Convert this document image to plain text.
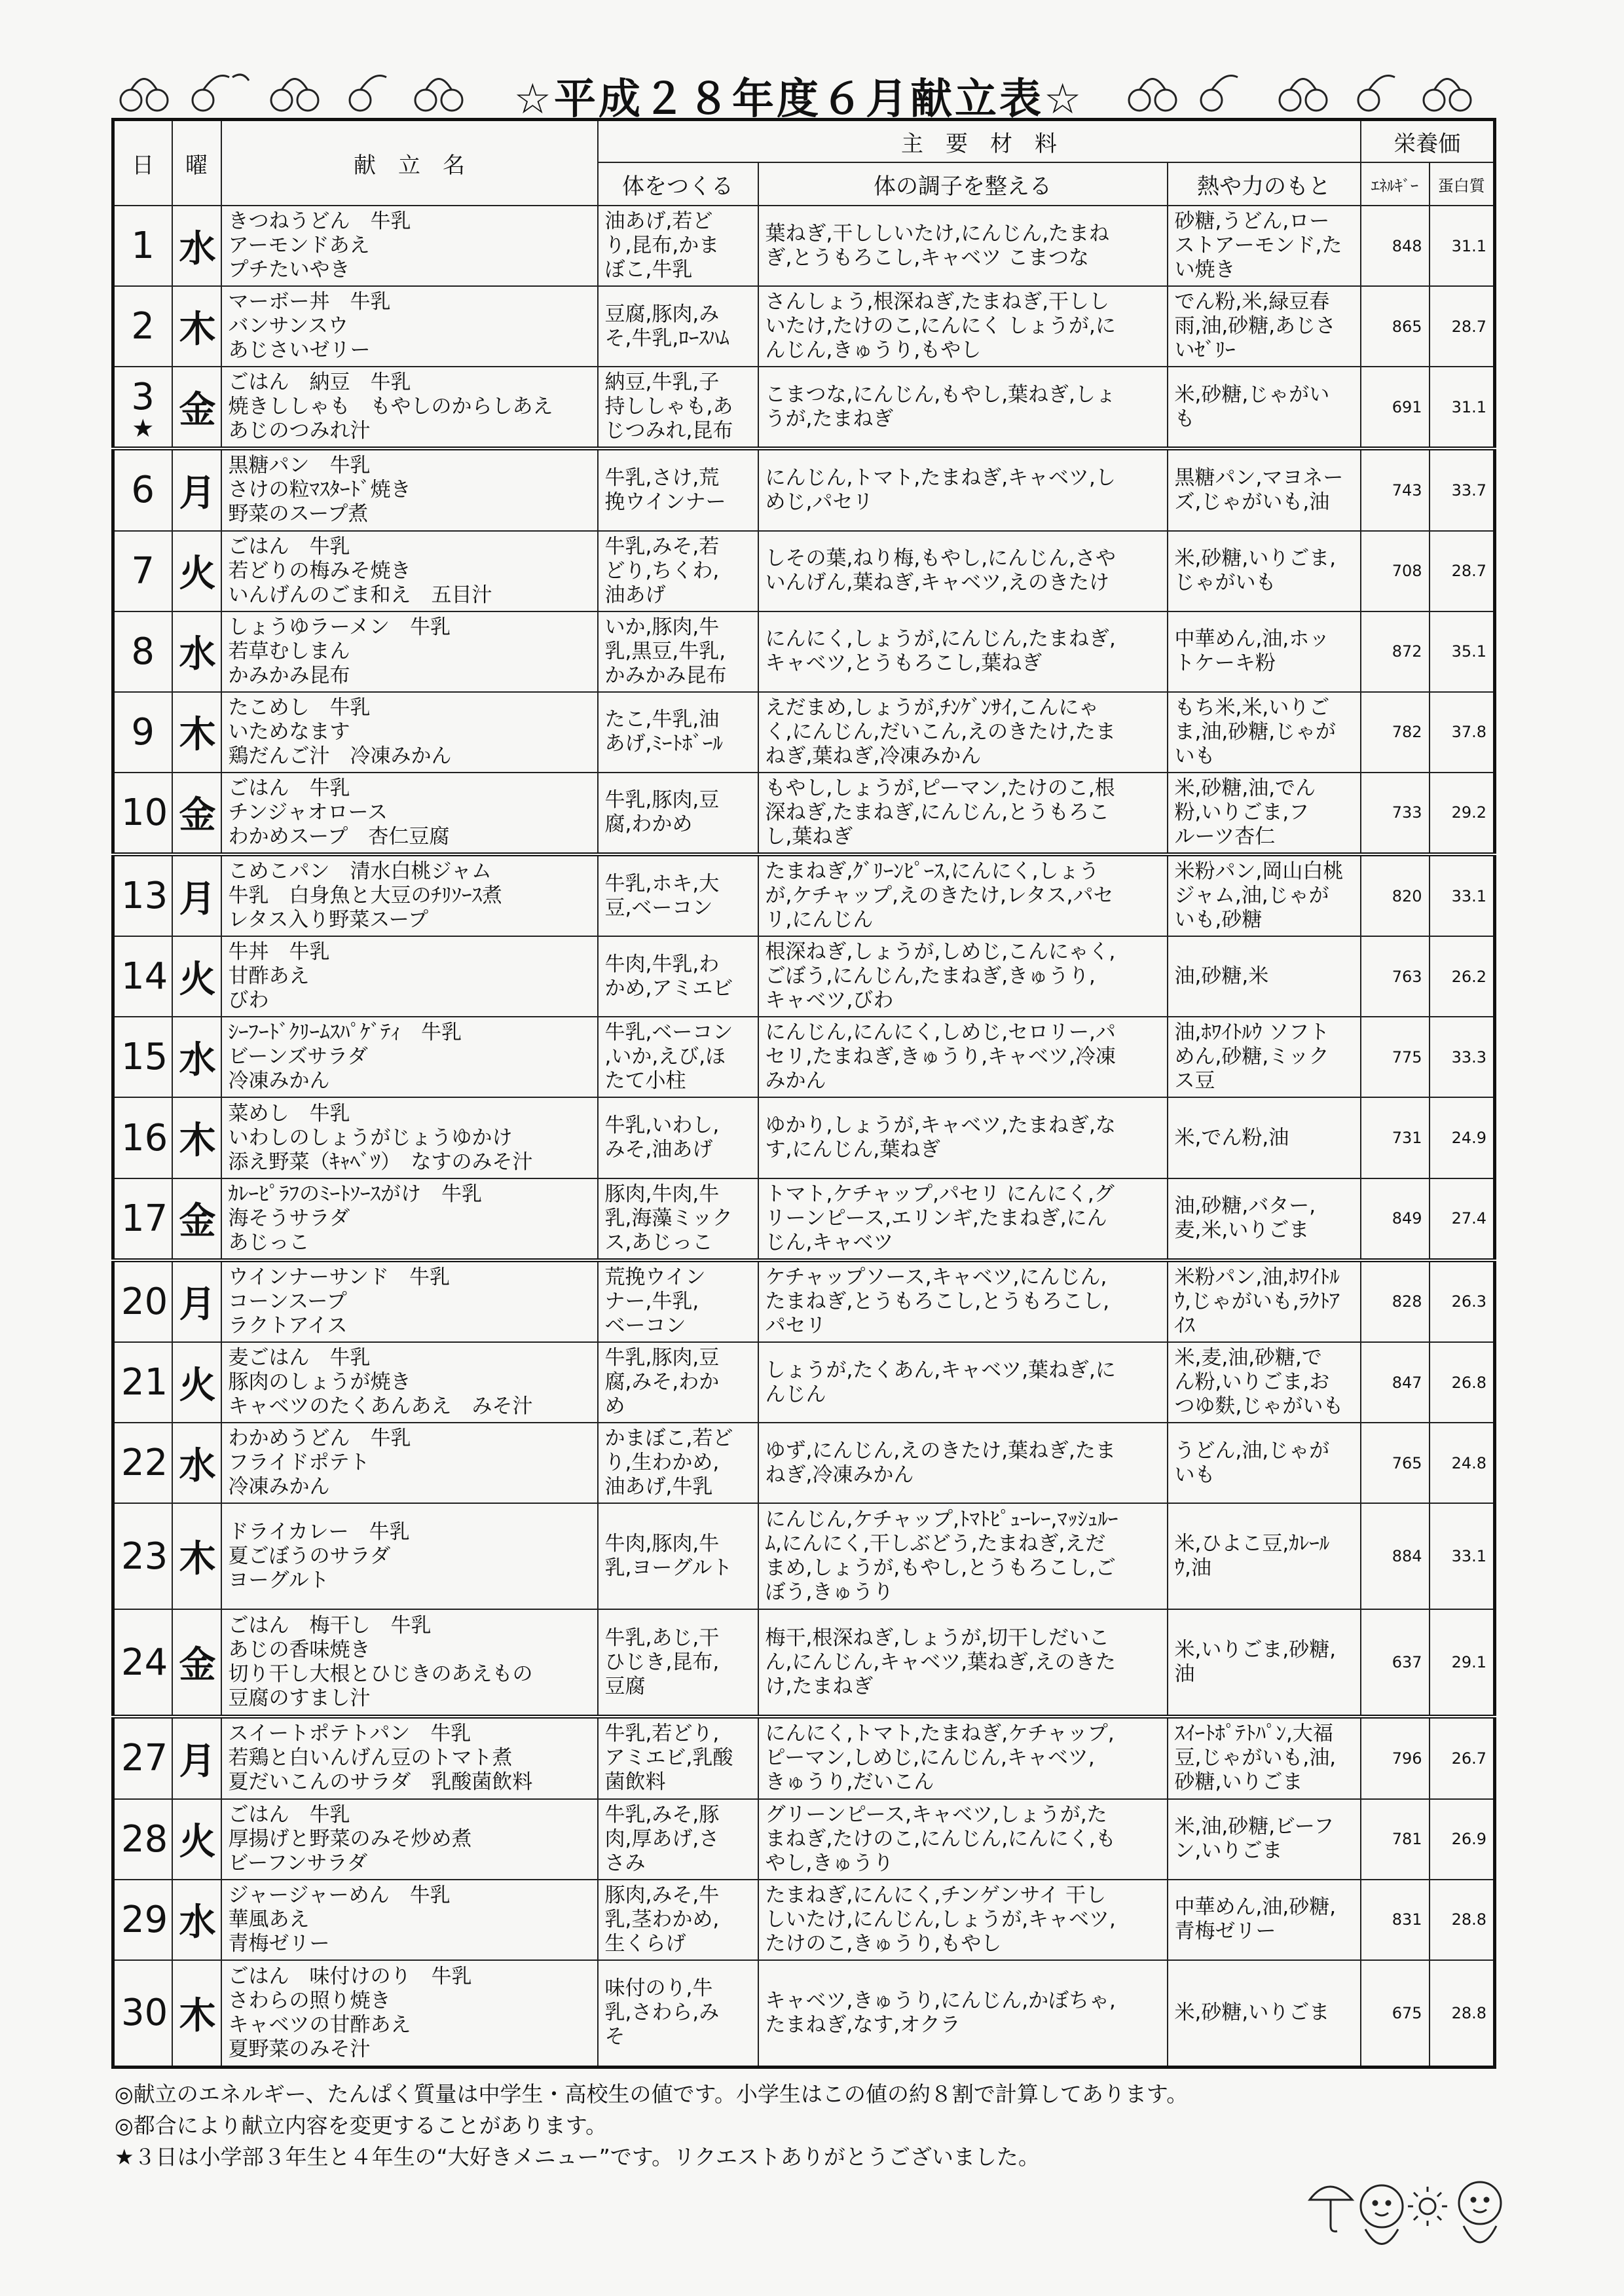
☆平成２８年度６月献立表☆
日	曜	献　立　名	主　要　材　料			栄養価	
			体をつくる	体の調子を整える	熱や力のもと	ｴﾈﾙｷﾞｰ	蛋白質
1	水	きつねうどん　牛乳
アーモンドあえ
プチたいやき	油あげ,若ど
り,昆布,かま
ぼこ,牛乳	葉ねぎ,干ししいたけ,にんじん,たまね
ぎ,とうもろこし,キャベツ こまつな	砂糖,うどん,ロー
ストアーモンド,た
い焼き	848	31.1
2	木	マーボー丼　牛乳
バンサンスウ
あじさいゼリー	豆腐,豚肉,み
そ,牛乳,ﾛｰｽﾊﾑ	さんしょう,根深ねぎ,たまねぎ,干しし
いたけ,たけのこ,にんにく しょうが,に
んじん,きゅうり,もやし	でん粉,米,緑豆春
雨,油,砂糖,あじさ
いｾﾞﾘｰ	865	28.7
3
★	金	ごはん　納豆　牛乳
焼きししゃも　もやしのからしあえ
あじのつみれ汁	納豆,牛乳,子
持ししゃも,あ
じつみれ,昆布	こまつな,にんじん,もやし,葉ねぎ,しょ
うが,たまねぎ	米,砂糖,じゃがい
も	691	31.1
6	月	黒糖パン　牛乳
さけの粒ﾏｽﾀｰﾄﾞ焼き
野菜のスープ煮	牛乳,さけ,荒
挽ウインナー	にんじん,トマト,たまねぎ,キャベツ,し
めじ,パセリ	黒糖パン,マヨネー
ズ,じゃがいも,油	743	33.7
7	火	ごはん　牛乳
若どりの梅みそ焼き
いんげんのごま和え　五目汁	牛乳,みそ,若
どり,ちくわ,
油あげ	しその葉,ねり梅,もやし,にんじん,さや
いんげん,葉ねぎ,キャベツ,えのきたけ	米,砂糖,いりごま,
じゃがいも	708	28.7
8	水	しょうゆラーメン　牛乳
若草むしまん
かみかみ昆布	いか,豚肉,牛
乳,黒豆,牛乳,
かみかみ昆布	にんにく,しょうが,にんじん,たまねぎ,
キャベツ,とうもろこし,葉ねぎ	中華めん,油,ホッ
トケーキ粉	872	35.1
9	木	たこめし　牛乳
いためなます
鶏だんご汁　冷凍みかん	たこ,牛乳,油
あげ,ﾐｰﾄﾎﾞｰﾙ	えだまめ,しょうが,ﾁﾝｹﾞﾝｻｲ,こんにゃ
く,にんじん,だいこん,えのきたけ,たま
ねぎ,葉ねぎ,冷凍みかん	もち米,米,いりご
ま,油,砂糖,じゃが
いも	782	37.8
10	金	ごはん　牛乳
チンジャオロース
わかめスープ　杏仁豆腐	牛乳,豚肉,豆
腐,わかめ	もやし,しょうが,ピーマン,たけのこ,根
深ねぎ,たまねぎ,にんじん,とうもろこ
し,葉ねぎ	米,砂糖,油,でん
粉,いりごま,フ
ルーツ杏仁	733	29.2
13	月	こめこパン　清水白桃ジャム
牛乳　白身魚と大豆のﾁﾘｿｰｽ煮
レタス入り野菜スープ	牛乳,ホキ,大
豆,ベーコン	たまねぎ,ｸﾞﾘｰﾝﾋﾟｰｽ,にんにく,しょう
が,ケチャップ,えのきたけ,レタス,パセ
リ,にんじん	米粉パン,岡山白桃
ジャム,油,じゃが
いも,砂糖	820	33.1
14	火	牛丼　牛乳
甘酢あえ
びわ	牛肉,牛乳,わ
かめ,アミエビ	根深ねぎ,しょうが,しめじ,こんにゃく,
ごぼう,にんじん,たまねぎ,きゅうり,
キャベツ,びわ	油,砂糖,米	763	26.2
15	水	ｼｰﾌｰﾄﾞｸﾘｰﾑｽﾊﾟｹﾞﾃｨ　牛乳
ビーンズサラダ
冷凍みかん	牛乳,ベーコン
,いか,えび,ほ
たて小柱	にんじん,にんにく,しめじ,セロリー,パ
セリ,たまねぎ,きゅうり,キャベツ,冷凍
みかん	油,ﾎﾜｲﾄﾙｳ ソフト
めん,砂糖,ミック
ス豆	775	33.3
16	木	菜めし　牛乳
いわしのしょうがじょうゆかけ
添え野菜（ｷｬﾍﾞﾂ）　なすのみそ汁	牛乳,いわし,
みそ,油あげ	ゆかり,しょうが,キャベツ,たまねぎ,な
す,にんじん,葉ねぎ	米,でん粉,油	731	24.9
17	金	ｶﾚｰﾋﾟﾗﾌのﾐｰﾄｿｰｽがけ　牛乳
海そうサラダ
あじっこ	豚肉,牛肉,牛
乳,海藻ミック
ス,あじっこ	トマト,ケチャップ,パセリ にんにく,グ
リーンピース,エリンギ,たまねぎ,にん
じん,キャベツ	油,砂糖,バター,
麦,米,いりごま	849	27.4
20	月	ウインナーサンド　牛乳
コーンスープ
ラクトアイス	荒挽ウイン
ナー,牛乳,
ベーコン	ケチャップソース,キャベツ,にんじん,
たまねぎ,とうもろこし,とうもろこし,
パセリ	米粉パン,油,ﾎﾜｲﾄﾙ
ｳ,じゃがいも,ﾗｸﾄｱ
ｲｽ	828	26.3
21	火	麦ごはん　牛乳
豚肉のしょうが焼き
キャベツのたくあんあえ　みそ汁	牛乳,豚肉,豆
腐,みそ,わか
め	しょうが,たくあん,キャベツ,葉ねぎ,に
んじん	米,麦,油,砂糖,で
ん粉,いりごま,お
つゆ麩,じゃがいも	847	26.8
22	水	わかめうどん　牛乳
フライドポテト
冷凍みかん	かまぼこ,若ど
り,生わかめ,
油あげ,牛乳	ゆず,にんじん,えのきたけ,葉ねぎ,たま
ねぎ,冷凍みかん	うどん,油,じゃが
いも	765	24.8
23	木	ドライカレー　牛乳
夏ごぼうのサラダ
ヨーグルト	牛肉,豚肉,牛
乳,ヨーグルト	にんじん,ケチャップ,ﾄﾏﾄﾋﾟｭｰﾚｰ,ﾏｯｼｭﾙｰ
ﾑ,にんにく,干しぶどう,たまねぎ,えだ
まめ,しょうが,もやし,とうもろこし,ご
ぼう,きゅうり	米,ひよこ豆,ｶﾚｰﾙ
ｳ,油	884	33.1
24	金	ごはん　梅干し　牛乳
あじの香味焼き
切り干し大根とひじきのあえもの
豆腐のすまし汁	牛乳,あじ,干
ひじき,昆布,
豆腐	梅干,根深ねぎ,しょうが,切干しだいこ
ん,にんじん,キャベツ,葉ねぎ,えのきた
け,たまねぎ	米,いりごま,砂糖,
油	637	29.1
27	月	スイートポテトパン　牛乳
若鶏と白いんげん豆のトマト煮
夏だいこんのサラダ　乳酸菌飲料	牛乳,若どり,
アミエビ,乳酸
菌飲料	にんにく,トマト,たまねぎ,ケチャップ,
ピーマン,しめじ,にんじん,キャベツ,
きゅうり,だいこん	ｽｲｰﾄﾎﾟﾃﾄﾊﾟﾝ,大福
豆,じゃがいも,油,
砂糖,いりごま	796	26.7
28	火	ごはん　牛乳
厚揚げと野菜のみそ炒め煮
ビーフンサラダ	牛乳,みそ,豚
肉,厚あげ,さ
さみ	グリーンピース,キャベツ,しょうが,た
まねぎ,たけのこ,にんじん,にんにく,も
やし,きゅうり	米,油,砂糖,ビーフ
ン,いりごま	781	26.9
29	水	ジャージャーめん　牛乳
華風あえ
青梅ゼリー	豚肉,みそ,牛
乳,茎わかめ,
生くらげ	たまねぎ,にんにく,チンゲンサイ 干し
しいたけ,にんじん,しょうが,キャベツ,
たけのこ,きゅうり,もやし	中華めん,油,砂糖,
青梅ゼリー	831	28.8
30	木	ごはん　味付けのり　牛乳
さわらの照り焼き
キャベツの甘酢あえ
夏野菜のみそ汁	味付のり,牛
乳,さわら,み
そ	キャベツ,きゅうり,にんじん,かぼちゃ,
たまねぎ,なす,オクラ	米,砂糖,いりごま	675	28.8
◎献立のエネルギー、たんぱく質量は中学生・高校生の値です。小学生はこの値の約８割で計算してあります。
◎都合により献立内容を変更することがあります。
★３日は小学部３年生と４年生の“大好きメニュー”です。リクエストありがとうございました。
